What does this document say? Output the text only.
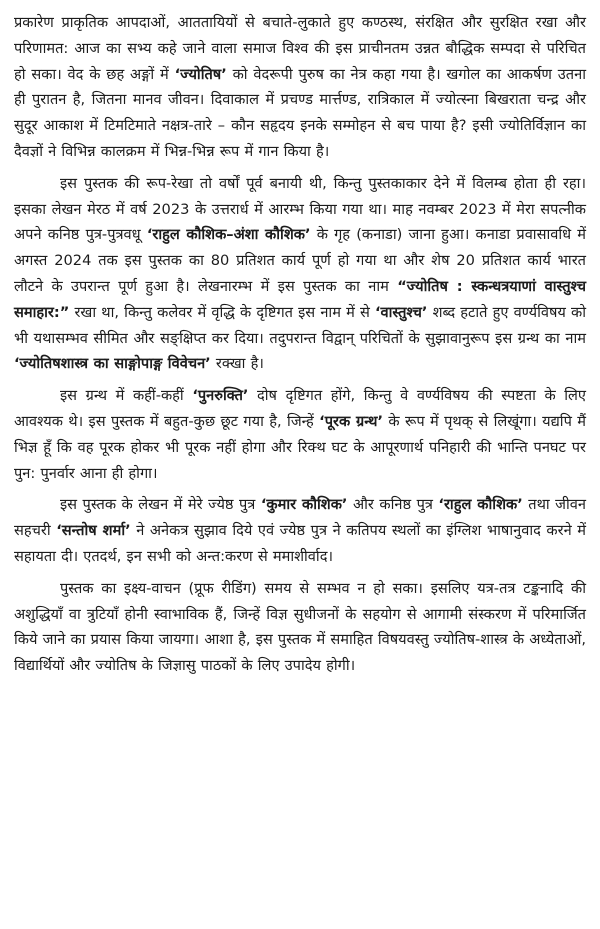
प्रकारेण प्राकृतिक आपदाओं, आततायियों से बचाते-लुकाते हुए कण्ठस्थ, संरक्षित और सुरक्षित रखा और परिणामत: आज का सभ्य कहे जाने वाला समाज विश्व की इस प्राचीनतम उन्नत बौद्धिक सम्पदा से परिचित हो सका। वेद के छह अङ्गों में ‘ज्योतिष’ को वेदरूपी पुरुष का नेत्र कहा गया है। खगोल का आकर्षण उतना ही पुरातन है, जितना मानव जीवन। दिवाकाल में प्रचण्ड मार्त्तण्ड, रात्रिकाल में ज्योत्स्ना बिखराता चन्द्र और सुदूर आकाश में टिमटिमाते नक्षत्र-तारे – कौन सहृदय इनके सम्मोहन से बच पाया है? इसी ज्योतिर्विज्ञान का दैवज्ञों ने विभिन्न कालक्रम में भिन्न-भिन्न रूप में गान किया है।

इस पुस्तक की रूप-रेखा तो वर्षों पूर्व बनायी थी, किन्तु पुस्तकाकार देने में विलम्ब होता ही रहा। इसका लेखन मेरठ में वर्ष 2023 के उत्तरार्ध में आरम्भ किया गया था। माह नवम्बर 2023 में मेरा सपत्नीक अपने कनिष्ठ पुत्र-पुत्रवधू ‘राहुल कौशिक–अंशा कौशिक’ के गृह (कनाडा) जाना हुआ। कनाडा प्रवासावधि में अगस्त 2024 तक इस पुस्तक का 80 प्रतिशत कार्य पूर्ण हो गया था और शेष 20 प्रतिशत कार्य भारत लौटने के उपरान्त पूर्ण हुआ है। लेखनारम्भ में इस पुस्तक का नाम “ज्योतिष : स्कन्धत्रयाणां वास्तुश्च समाहार:” रखा था, किन्तु कलेवर में वृद्धि के दृष्टिगत इस नाम में से ‘वास्तुश्च’ शब्द हटाते हुए वर्ण्यविषय को भी यथासम्भव सीमित और सङ्क्षिप्त कर दिया। तदुपरान्त विद्वान् परिचितों के सुझावानुरूप इस ग्रन्थ का नाम ‘ज्योतिषशास्त्र का साङ्गोपाङ्ग विवेचन’ रक्खा है।

इस ग्रन्थ में कहीं-कहीं ‘पुनरुक्ति’ दोष दृष्टिगत होंगे, किन्तु वे वर्ण्यविषय की स्पष्टता के लिए आवश्यक थे। इस पुस्तक में बहुत-कुछ छूट गया है, जिन्हें ‘पूरक ग्रन्थ’ के रूप में पृथक् से लिखूंगा। यद्यपि मैं भिज्ञ हूँ कि वह पूरक होकर भी पूरक नहीं होगा और रिक्थ घट के आपूरणार्थ पनिहारी की भान्ति पनघट पर पुन: पुनर्वार आना ही होगा।

इस पुस्तक के लेखन में मेरे ज्येष्ठ पुत्र ‘कुमार कौशिक’ और कनिष्ठ पुत्र ‘राहुल कौशिक’ तथा जीवन सहचरी ‘सन्तोष शर्मा’ ने अनेकत्र सुझाव दिये एवं ज्येष्ठ पुत्र ने कतिपय स्थलों का इंग्लिश भाषानुवाद करने में सहायता दी। एतदर्थ, इन सभी को अन्त:करण से ममाशीर्वाद।

पुस्तक का इक्ष्य-वाचन (प्रूफ रीडिंग) समय से सम्भव न हो सका। इसलिए यत्र-तत्र टङ्कनादि की अशुद्धियाँ वा त्रुटियाँ होनी स्वाभाविक हैं, जिन्हें विज्ञ सुधीजनों के सहयोग से आगामी संस्करण में परिमार्जित किये जाने का प्रयास किया जायगा। आशा है, इस पुस्तक में समाहित विषयवस्तु ज्योतिष-शास्त्र के अध्येताओं, विद्यार्थियों और ज्योतिष के जिज्ञासु पाठकों के लिए उपादेय होगी।
